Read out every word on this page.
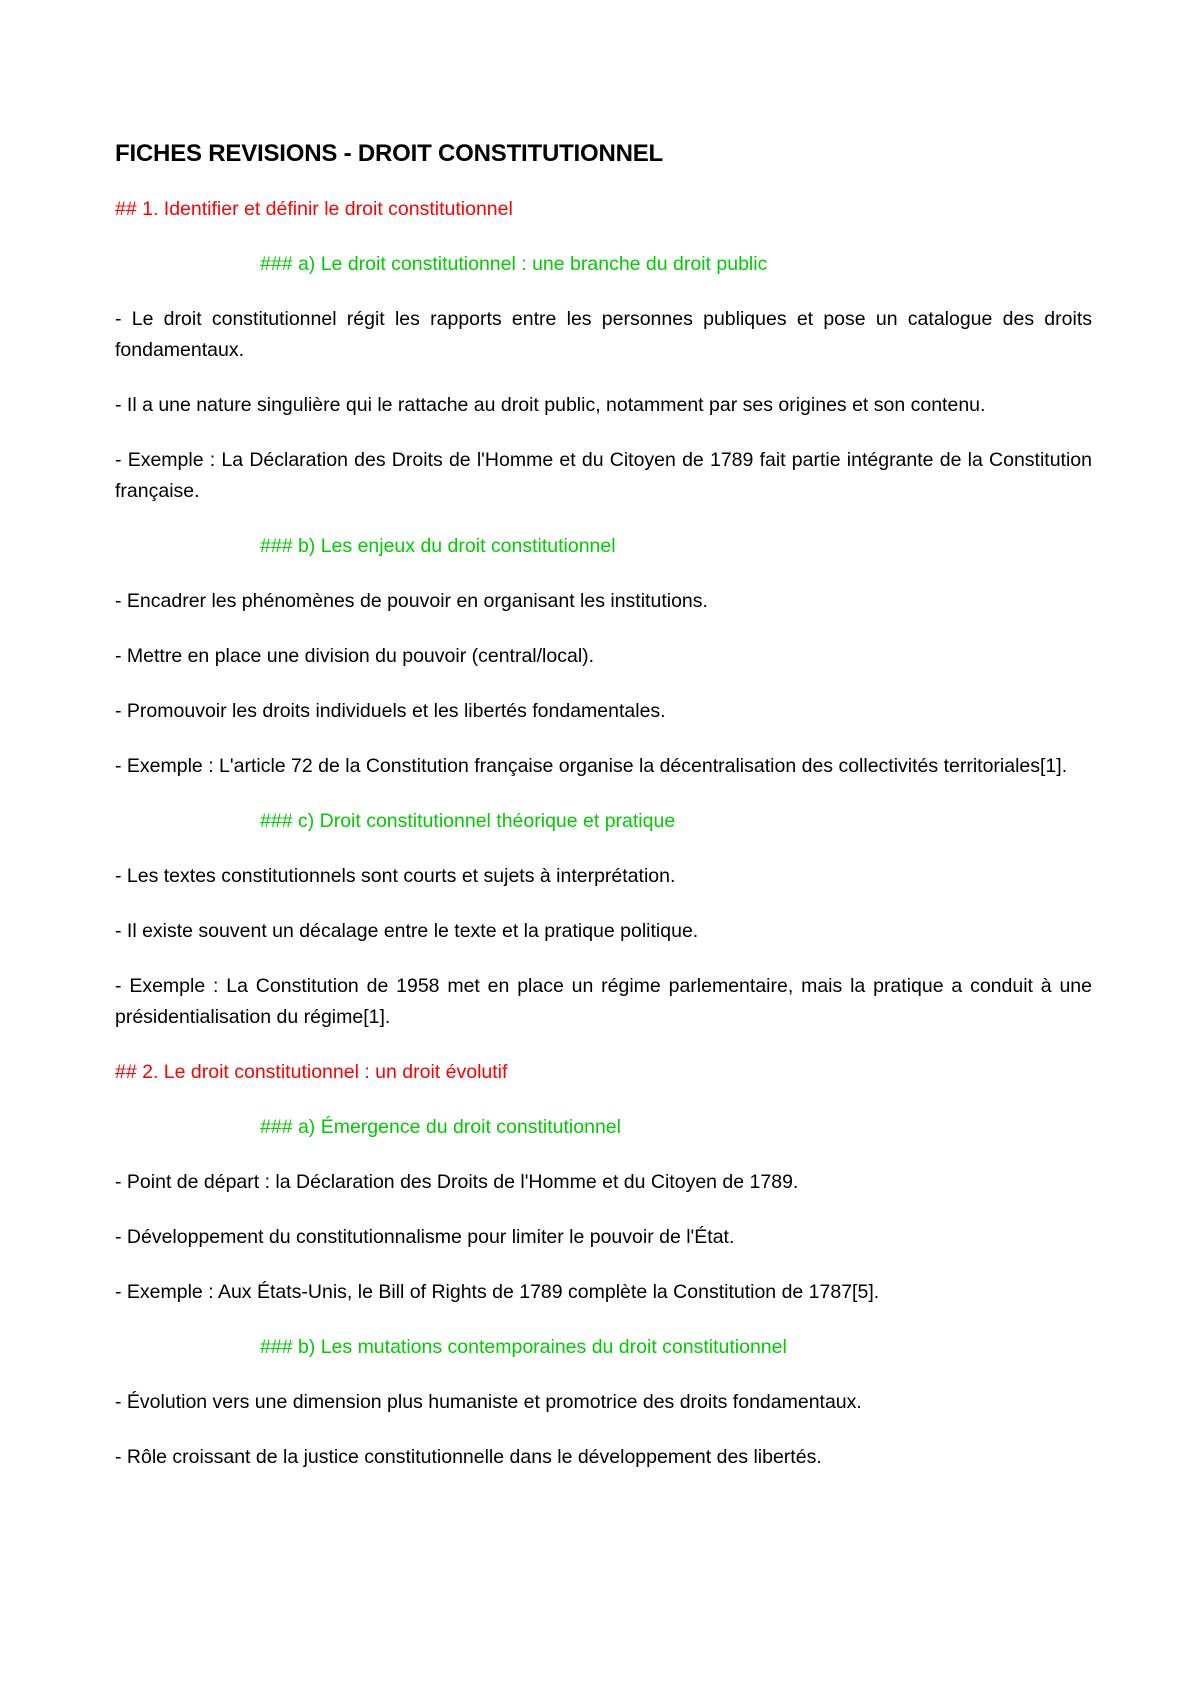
FICHES REVISIONS - DROIT CONSTITUTIONNEL
## 1. Identifier et définir le droit constitutionnel
### a) Le droit constitutionnel : une branche du droit public
- Le droit constitutionnel régit les rapports entre les personnes publiques et pose un catalogue des droits fondamentaux.
- Il a une nature singulière qui le rattache au droit public, notamment par ses origines et son contenu.
- Exemple : La Déclaration des Droits de l'Homme et du Citoyen de 1789 fait partie intégrante de la Constitution française.
### b) Les enjeux du droit constitutionnel
- Encadrer les phénomènes de pouvoir en organisant les institutions.
- Mettre en place une division du pouvoir (central/local).
- Promouvoir les droits individuels et les libertés fondamentales.
- Exemple : L'article 72 de la Constitution française organise la décentralisation des collectivités territoriales[1].
### c) Droit constitutionnel théorique et pratique
- Les textes constitutionnels sont courts et sujets à interprétation.
- Il existe souvent un décalage entre le texte et la pratique politique.
- Exemple : La Constitution de 1958 met en place un régime parlementaire, mais la pratique a conduit à une présidentialisation du régime[1].
## 2. Le droit constitutionnel : un droit évolutif
### a) Émergence du droit constitutionnel
- Point de départ : la Déclaration des Droits de l'Homme et du Citoyen de 1789.
- Développement du constitutionnalisme pour limiter le pouvoir de l'État.
- Exemple : Aux États-Unis, le Bill of Rights de 1789 complète la Constitution de 1787[5].
### b) Les mutations contemporaines du droit constitutionnel
- Évolution vers une dimension plus humaniste et promotrice des droits fondamentaux.
- Rôle croissant de la justice constitutionnelle dans le développement des libertés.
